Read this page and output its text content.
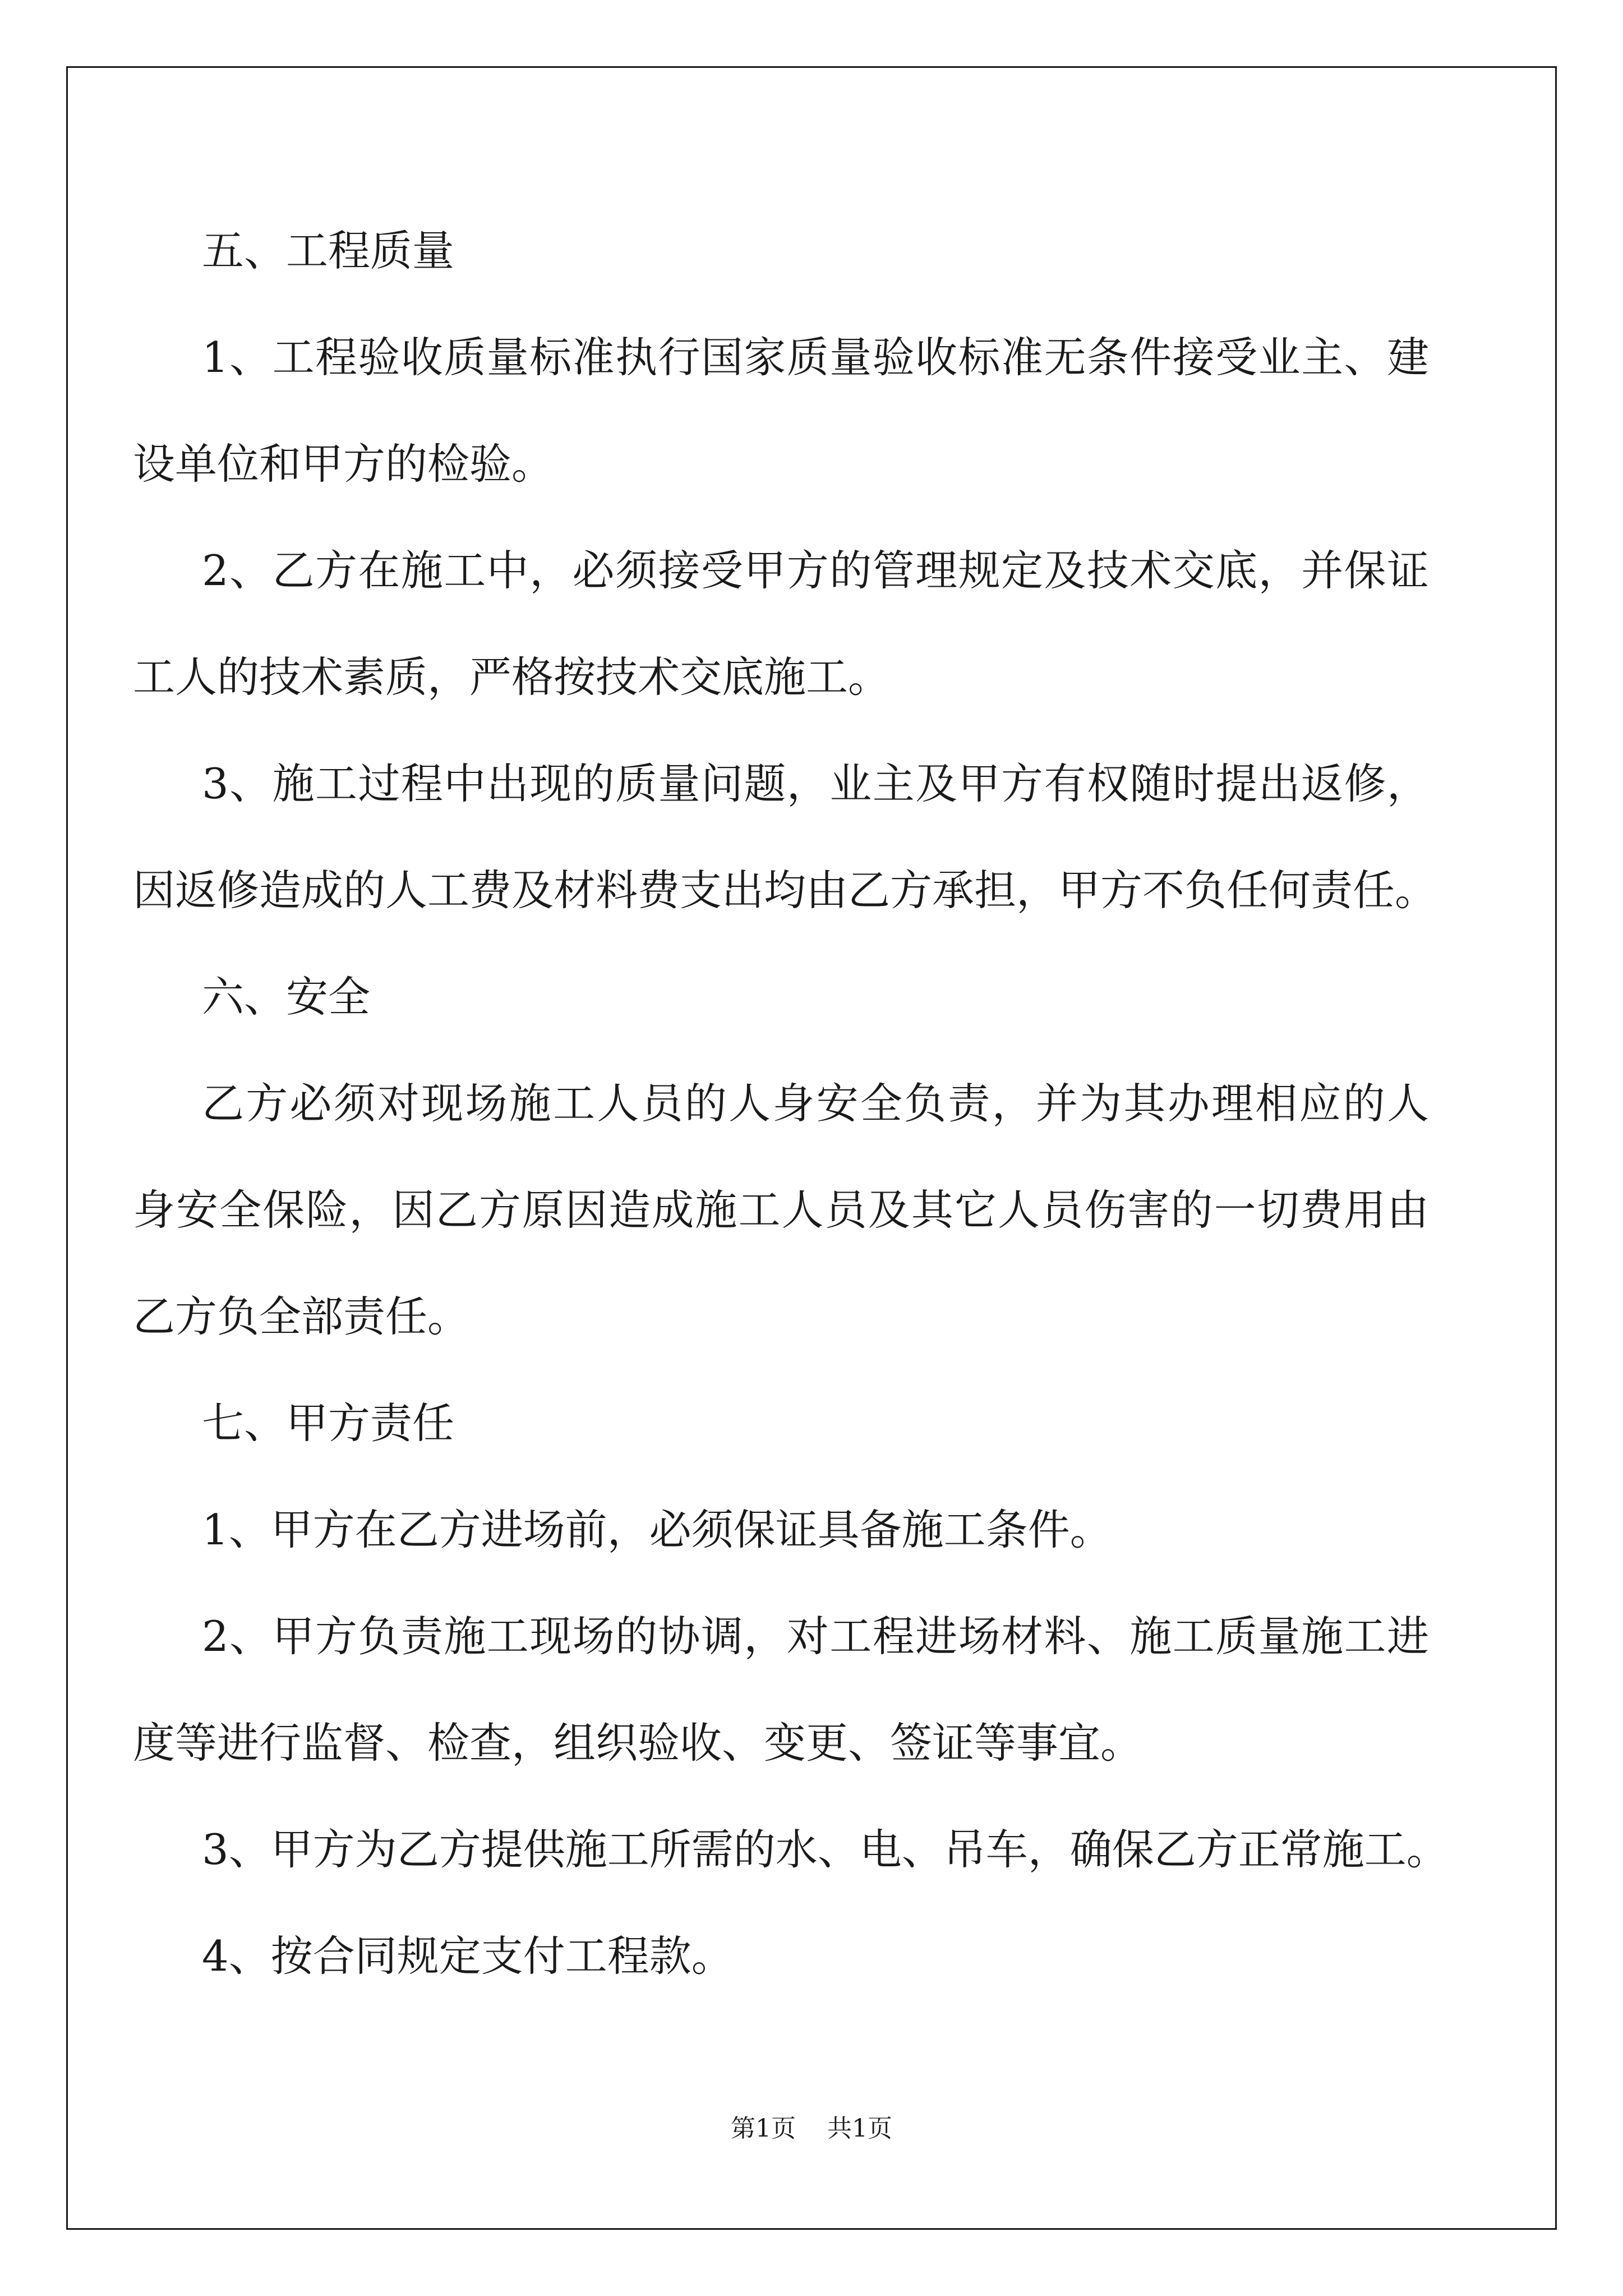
五、工程质量

1、工程验收质量标准执行国家质量验收标准无条件接受业主、建

设单位和甲方的检验。

2、乙方在施工中，必须接受甲方的管理规定及技术交底，并保证

工人的技术素质，严格按技术交底施工。

3、施工过程中出现的质量问题，业主及甲方有权随时提出返修，

因返修造成的人工费及材料费支出均由乙方承担，甲方不负任何责任。

六、安全

乙方必须对现场施工人员的人身安全负责，并为其办理相应的人

身安全保险，因乙方原因造成施工人员及其它人员伤害的一切费用由

乙方负全部责任。

七、甲方责任

1、甲方在乙方进场前，必须保证具备施工条件。

2、甲方负责施工现场的协调，对工程进场材料、施工质量施工进

度等进行监督、检查，组织验收、变更、签证等事宜。

3、甲方为乙方提供施工所需的水、电、吊车，确保乙方正常施工。

4、按合同规定支付工程款。

第1页 共1页
